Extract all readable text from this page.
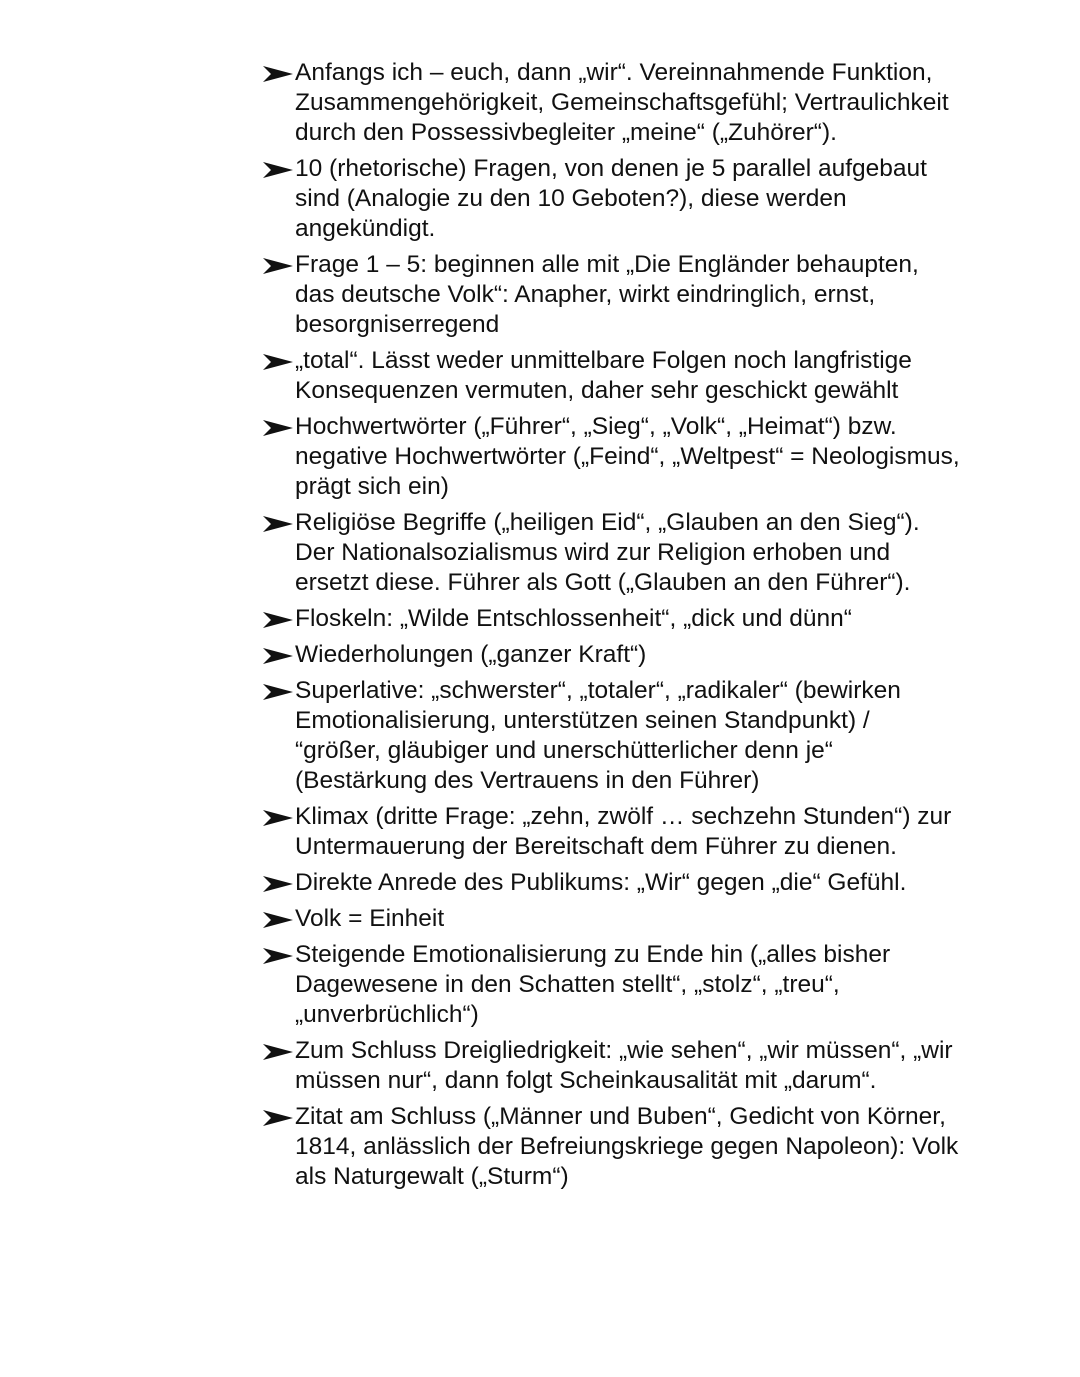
Anfangs ich – euch, dann „wir“. Vereinnahmende Funktion, Zusammengehörigkeit, Gemeinschaftsgefühl; Vertraulichkeit durch den Possessivbegleiter „meine“ („Zuhörer“).
10 (rhetorische) Fragen, von denen je 5 parallel aufgebaut sind (Analogie zu den 10 Geboten?), diese werden angekündigt.
Frage 1 – 5: beginnen alle mit „Die Engländer behaupten, das deutsche Volk“: Anapher, wirkt eindringlich, ernst, besorgniserregend
„total“. Lässt weder unmittelbare Folgen noch langfristige Konsequenzen vermuten, daher sehr geschickt gewählt
Hochwertwörter („Führer“, „Sieg“, „Volk“, „Heimat“) bzw. negative Hochwertwörter („Feind“, „Weltpest“ = Neologismus, prägt sich ein)
Religiöse Begriffe („heiligen Eid“, „Glauben an den Sieg“). Der Nationalsozialismus wird zur Religion erhoben und ersetzt diese. Führer als Gott („Glauben an den Führer“).
Floskeln: „Wilde Entschlossenheit“, „dick und dünn“
Wiederholungen („ganzer Kraft“)
Superlative: „schwerster“, „totaler“, „radikaler“ (bewirken Emotionalisierung, unterstützen seinen Standpunkt) / “größer, gläubiger und unerschütterlicher denn je“ (Bestärkung des Vertrauens in den Führer)
Klimax (dritte Frage: „zehn, zwölf … sechzehn Stunden“) zur Untermauerung der Bereitschaft dem Führer zu dienen.
Direkte Anrede des Publikums: „Wir“ gegen „die“ Gefühl.
Volk = Einheit
Steigende Emotionalisierung zu Ende hin („alles bisher Dagewesene in den Schatten stellt“, „stolz“, „treu“, „unverbrüchlich“)
Zum Schluss Dreigliedrigkeit: „wie sehen“, „wir müssen“, „wir müssen nur“, dann folgt Scheinkausalität mit „darum“.
Zitat am Schluss („Männer und Buben“, Gedicht von Körner, 1814, anlässlich der Befreiungskriege gegen Napoleon): Volk als Naturgewalt („Sturm“)
